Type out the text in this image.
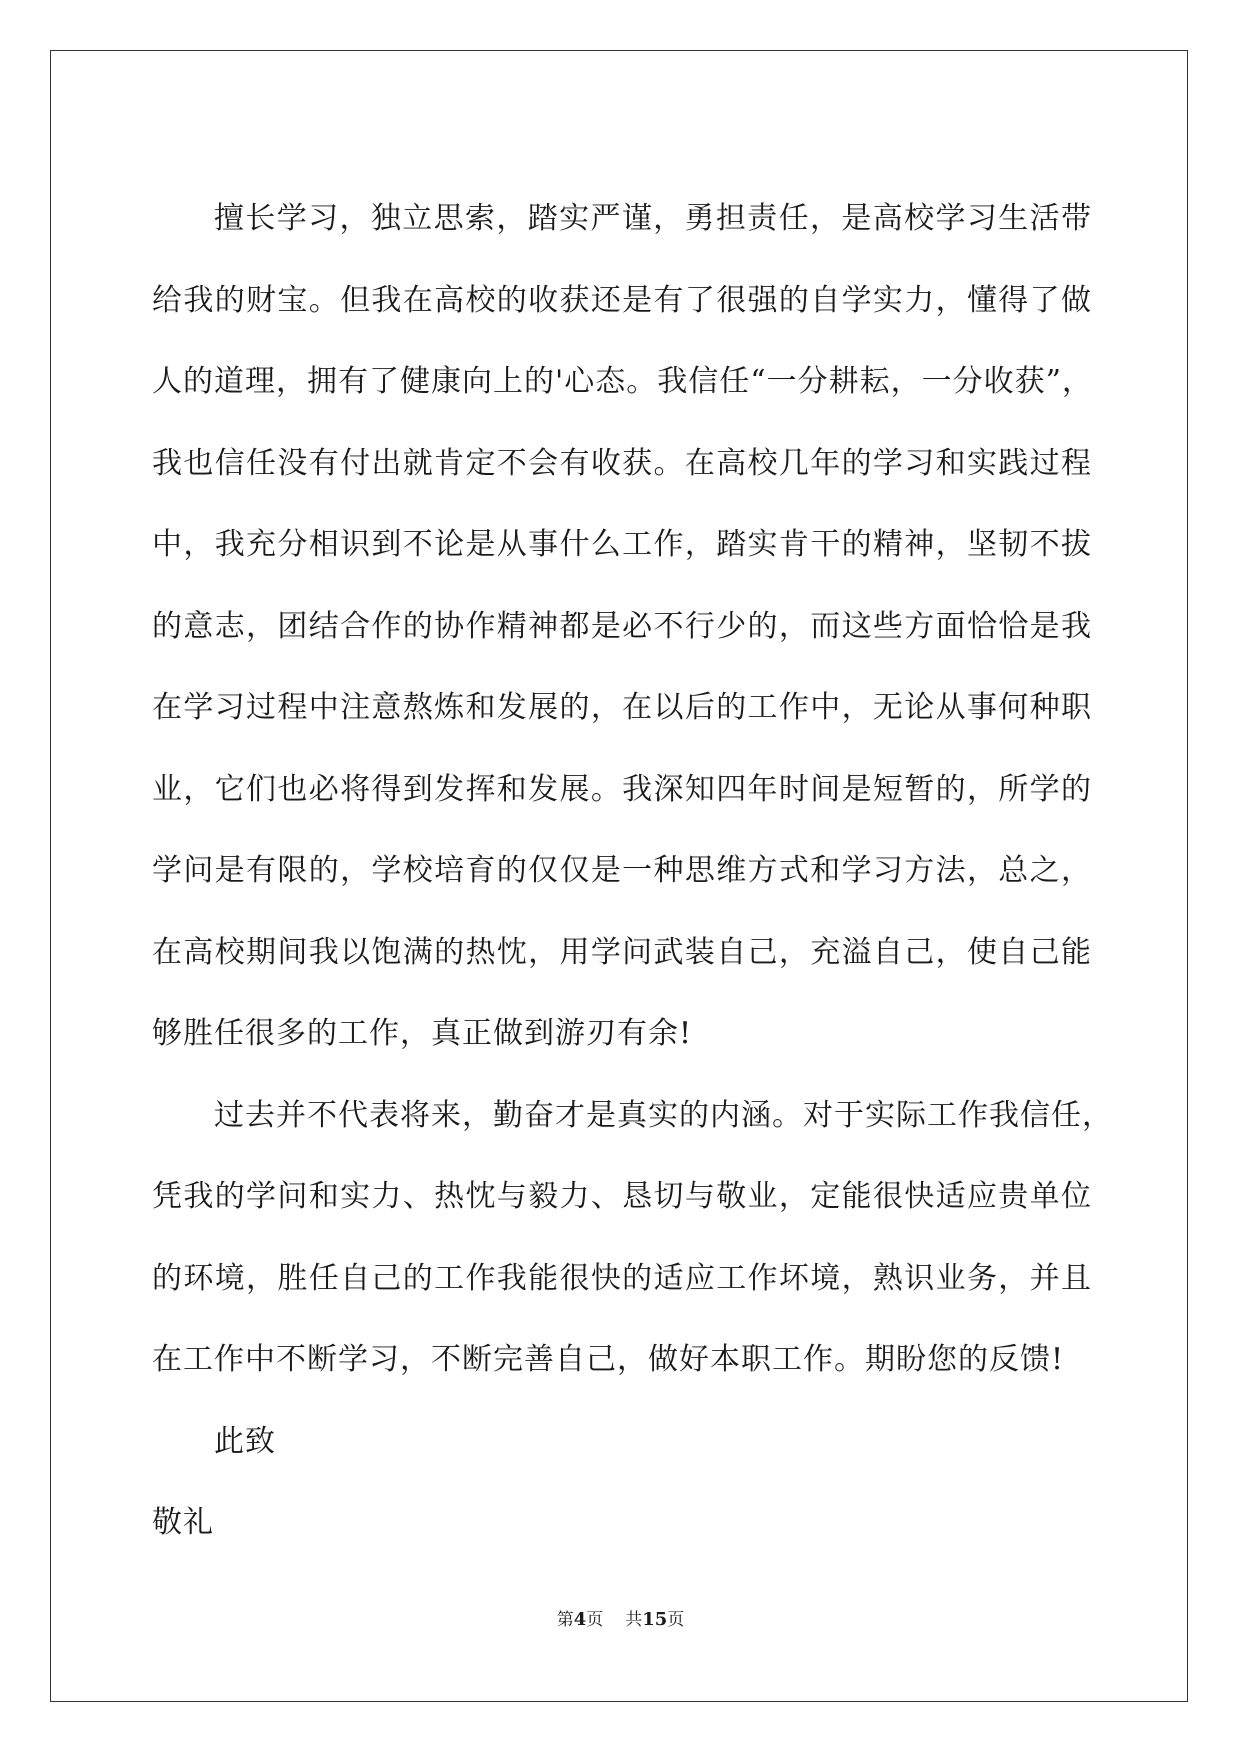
擅长学习，独立思索，踏实严谨，勇担责任，是高校学习生活带
给我的财宝。但我在高校的收获还是有了很强的自学实力，懂得了做
人的道理，拥有了健康向上的'心态。我信任“一分耕耘，一分收获”，
我也信任没有付出就肯定不会有收获。在高校几年的学习和实践过程
中，我充分相识到不论是从事什么工作，踏实肯干的精神，坚韧不拔
的意志，团结合作的协作精神都是必不行少的，而这些方面恰恰是我
在学习过程中注意熬炼和发展的，在以后的工作中，无论从事何种职
业，它们也必将得到发挥和发展。我深知四年时间是短暂的，所学的
学问是有限的，学校培育的仅仅是一种思维方式和学习方法，总之，
在高校期间我以饱满的热忱，用学问武装自己，充溢自己，使自己能
够胜任很多的工作，真正做到游刃有余!
过去并不代表将来，勤奋才是真实的内涵。对于实际工作我信任，
凭我的学问和实力、热忱与毅力、恳切与敬业，定能很快适应贵单位
的环境，胜任自己的工作我能很快的适应工作坏境，熟识业务，并且
在工作中不断学习，不断完善自己，做好本职工作。期盼您的反馈!

此致

敬礼

第4页 共15页
